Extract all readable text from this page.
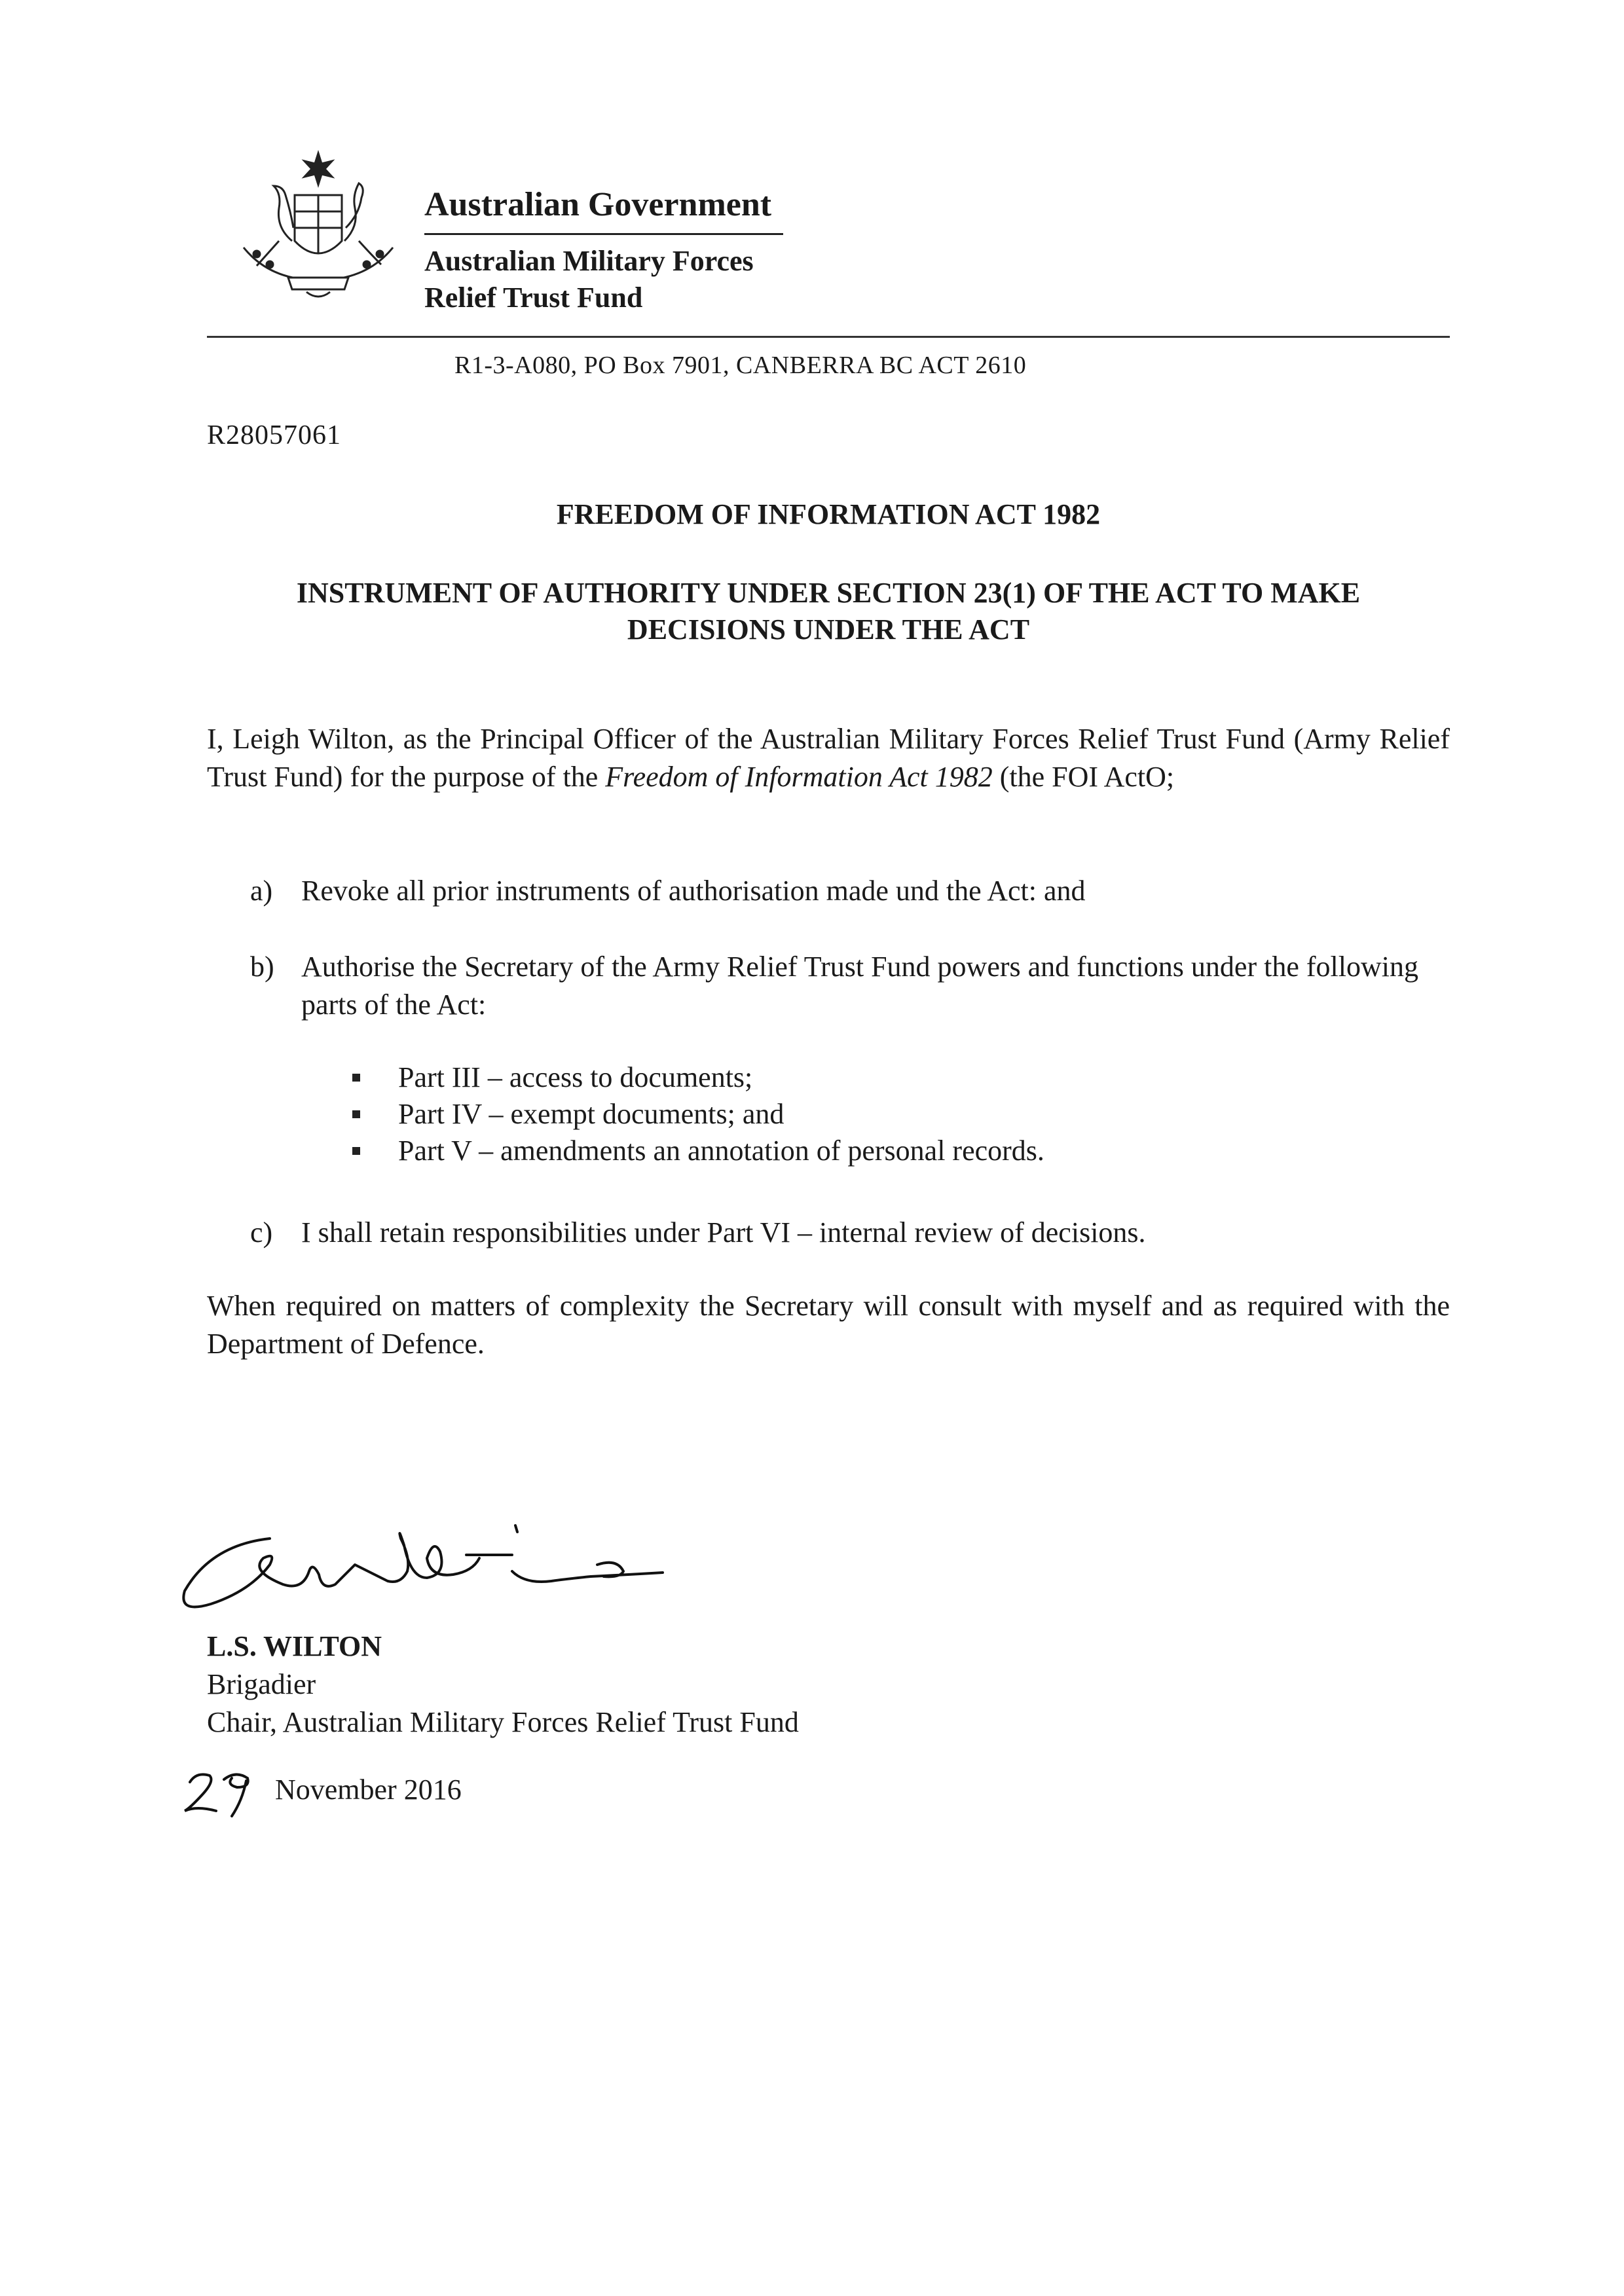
Australian Government
Australian Military Forces
Relief Trust Fund
R1-3-A080, PO Box 7901, CANBERRA BC ACT 2610
R28057061
FREEDOM OF INFORMATION ACT 1982
INSTRUMENT OF AUTHORITY UNDER SECTION 23(1) OF THE ACT TO MAKE
DECISIONS UNDER THE ACT
I, Leigh Wilton, as the Principal Officer of the Australian Military Forces Relief Trust Fund (Army Relief Trust Fund) for the purpose of the Freedom of Information Act 1982 (the FOI ActO;
a) Revoke all prior instruments of authorisation made und the Act: and
b) Authorise the Secretary of the Army Relief Trust Fund powers and functions under the following parts of the Act:
Part III – access to documents;
Part IV – exempt documents; and
Part V – amendments an annotation of personal records.
c) I shall retain responsibilities under Part VI – internal review of decisions.
When required on matters of complexity the Secretary will consult with myself and as required with the Department of Defence.
L.S. WILTON
Brigadier
Chair, Australian Military Forces Relief Trust Fund
November 2016
